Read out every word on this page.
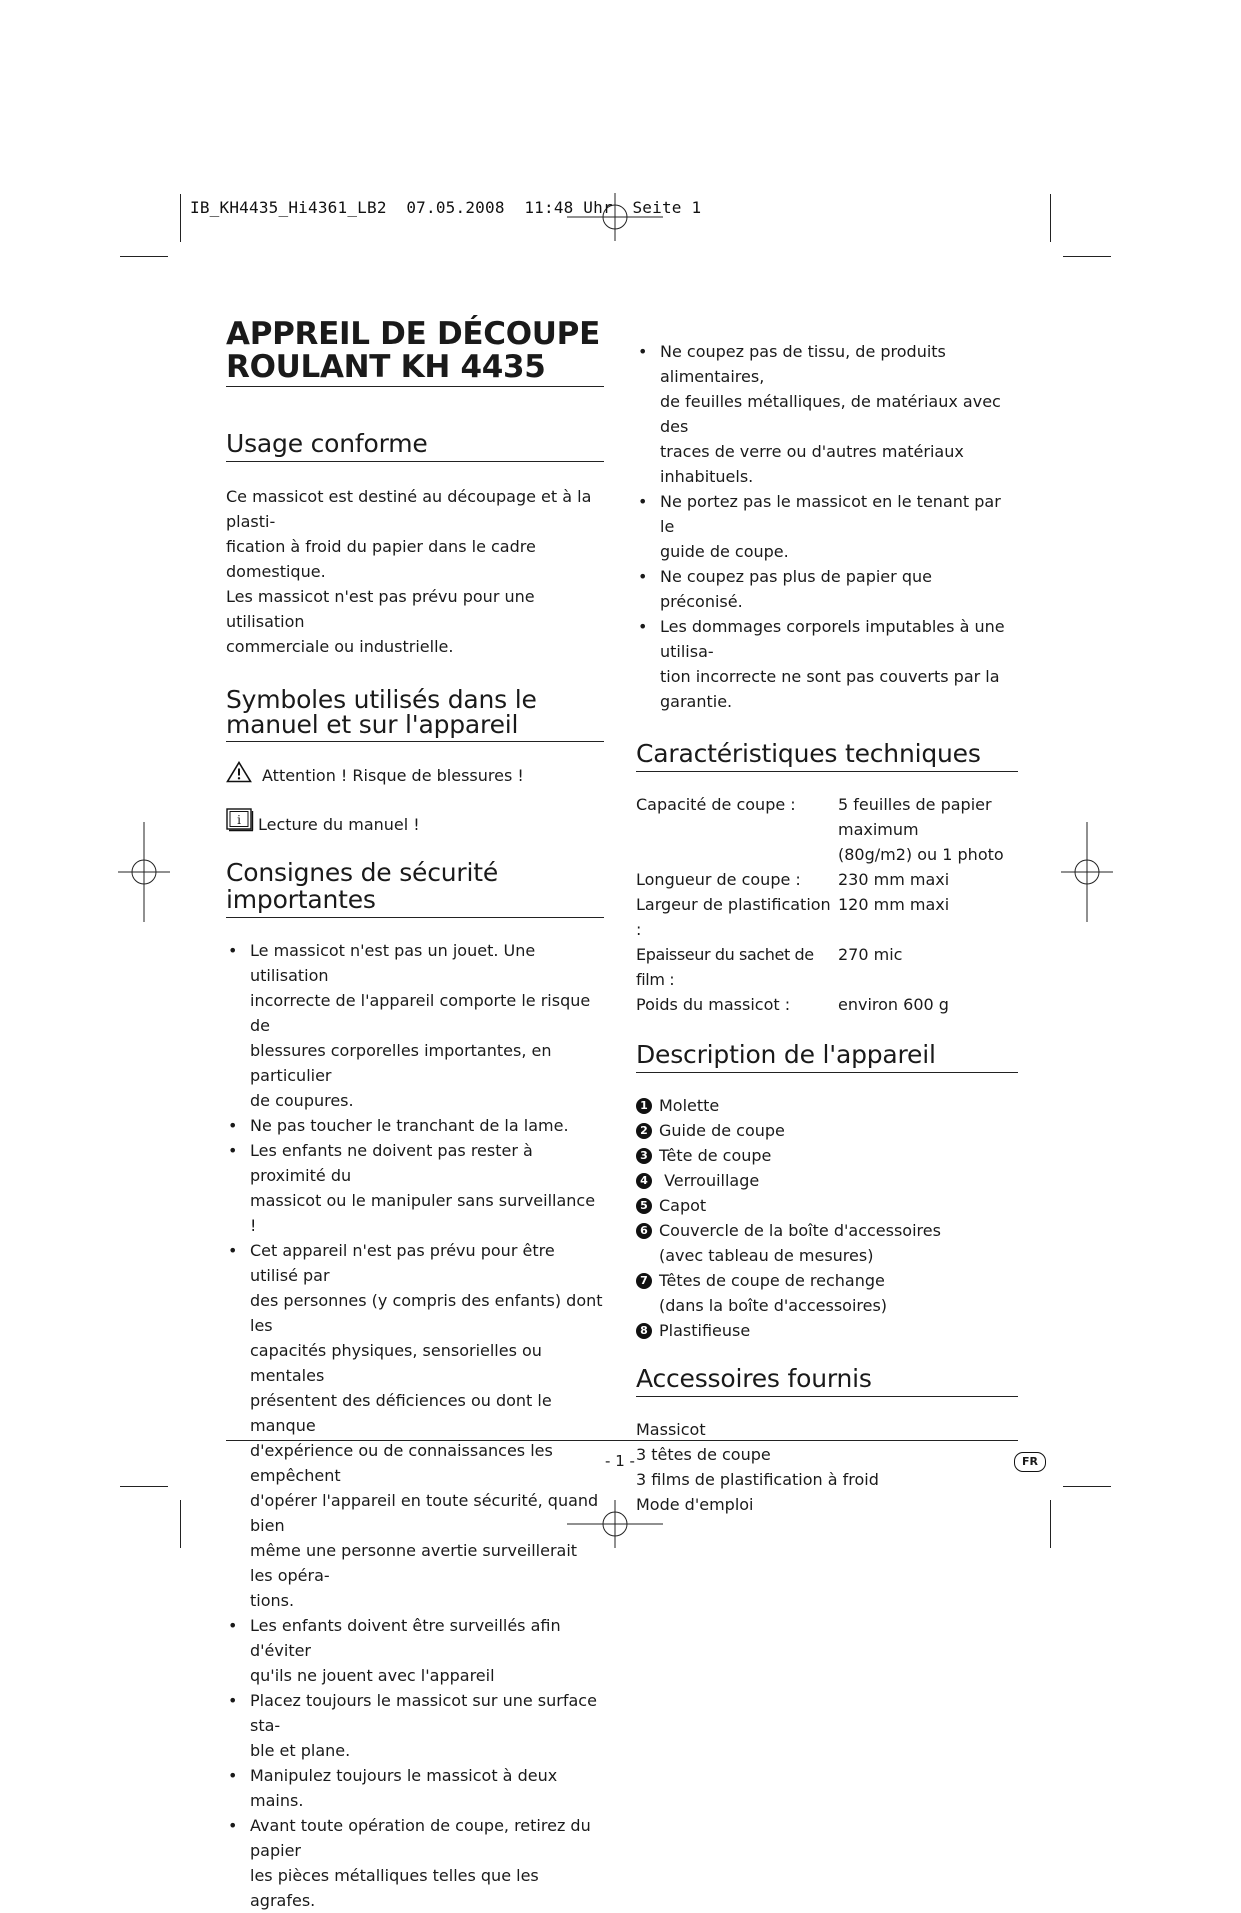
IB_KH4435_Hi4361_LB2  07.05.2008  11:48 Uhr  Seite 1
APPREIL DE DÉCOUPE
ROULANT KH 4435
Usage conforme
Ce massicot est destiné au découpage et à la plasti-
fication à froid du papier dans le cadre domestique.
Les massicot n'est pas prévu pour une utilisation
commerciale ou industrielle.
Symboles utilisés dans le
manuel et sur l'appareil
Attention ! Risque de blessures !
i Lecture du manuel !
Consignes de sécurité importantes
• Le massicot n'est pas un jouet. Une utilisation
incorrecte de l'appareil comporte le risque de
blessures corporelles importantes, en particulier
de coupures.
• Ne pas toucher le tranchant de la lame.
• Les enfants ne doivent pas rester à proximité du
massicot ou le manipuler sans surveillance !
• Cet appareil n'est pas prévu pour être utilisé par
des personnes (y compris des enfants) dont les
capacités physiques, sensorielles ou mentales
présentent des déficiences ou dont le manque
d'expérience ou de connaissances les empêchent
d'opérer l'appareil en toute sécurité, quand bien
même une personne avertie surveillerait les opéra-
tions.
• Les enfants doivent être surveillés afin d'éviter
qu'ils ne jouent avec l'appareil
• Placez toujours le massicot sur une surface sta-
ble et plane.
• Manipulez toujours le massicot à deux mains.
• Avant toute opération de coupe, retirez du papier
les pièces métalliques telles que les agrafes.
• Ne coupez pas de tissu, de produits alimentaires,
de feuilles métalliques, de matériaux avec des
traces de verre ou d'autres matériaux inhabituels.
• Ne portez pas le massicot en le tenant par le
guide de coupe.
• Ne coupez pas plus de papier que préconisé.
• Les dommages corporels imputables à une utilisa-
tion incorrecte ne sont pas couverts par la garantie.
Caractéristiques techniques
Capacité de coupe :	5 feuilles de papier
maximum
(80g/m2) ou 1 photo

Longueur de coupe :	230 mm maxi

Largeur de plastification :	120 mm maxi

Epaisseur du sachet de film :	270 mic

Poids du massicot :	environ 600 g
Description de l'appareil
1 Molette
2 Guide de coupe
3 Tête de coupe
4 Verrouillage
5 Capot
6 Couvercle de la boîte d'accessoires
(avec tableau de mesures)
7 Têtes de coupe de rechange
(dans la boîte d'accessoires)
8 Plastifieuse
Accessoires fournis
Massicot
3 têtes de coupe
3 films de plastification à froid
Mode d'emploi
- 1 -	FR
